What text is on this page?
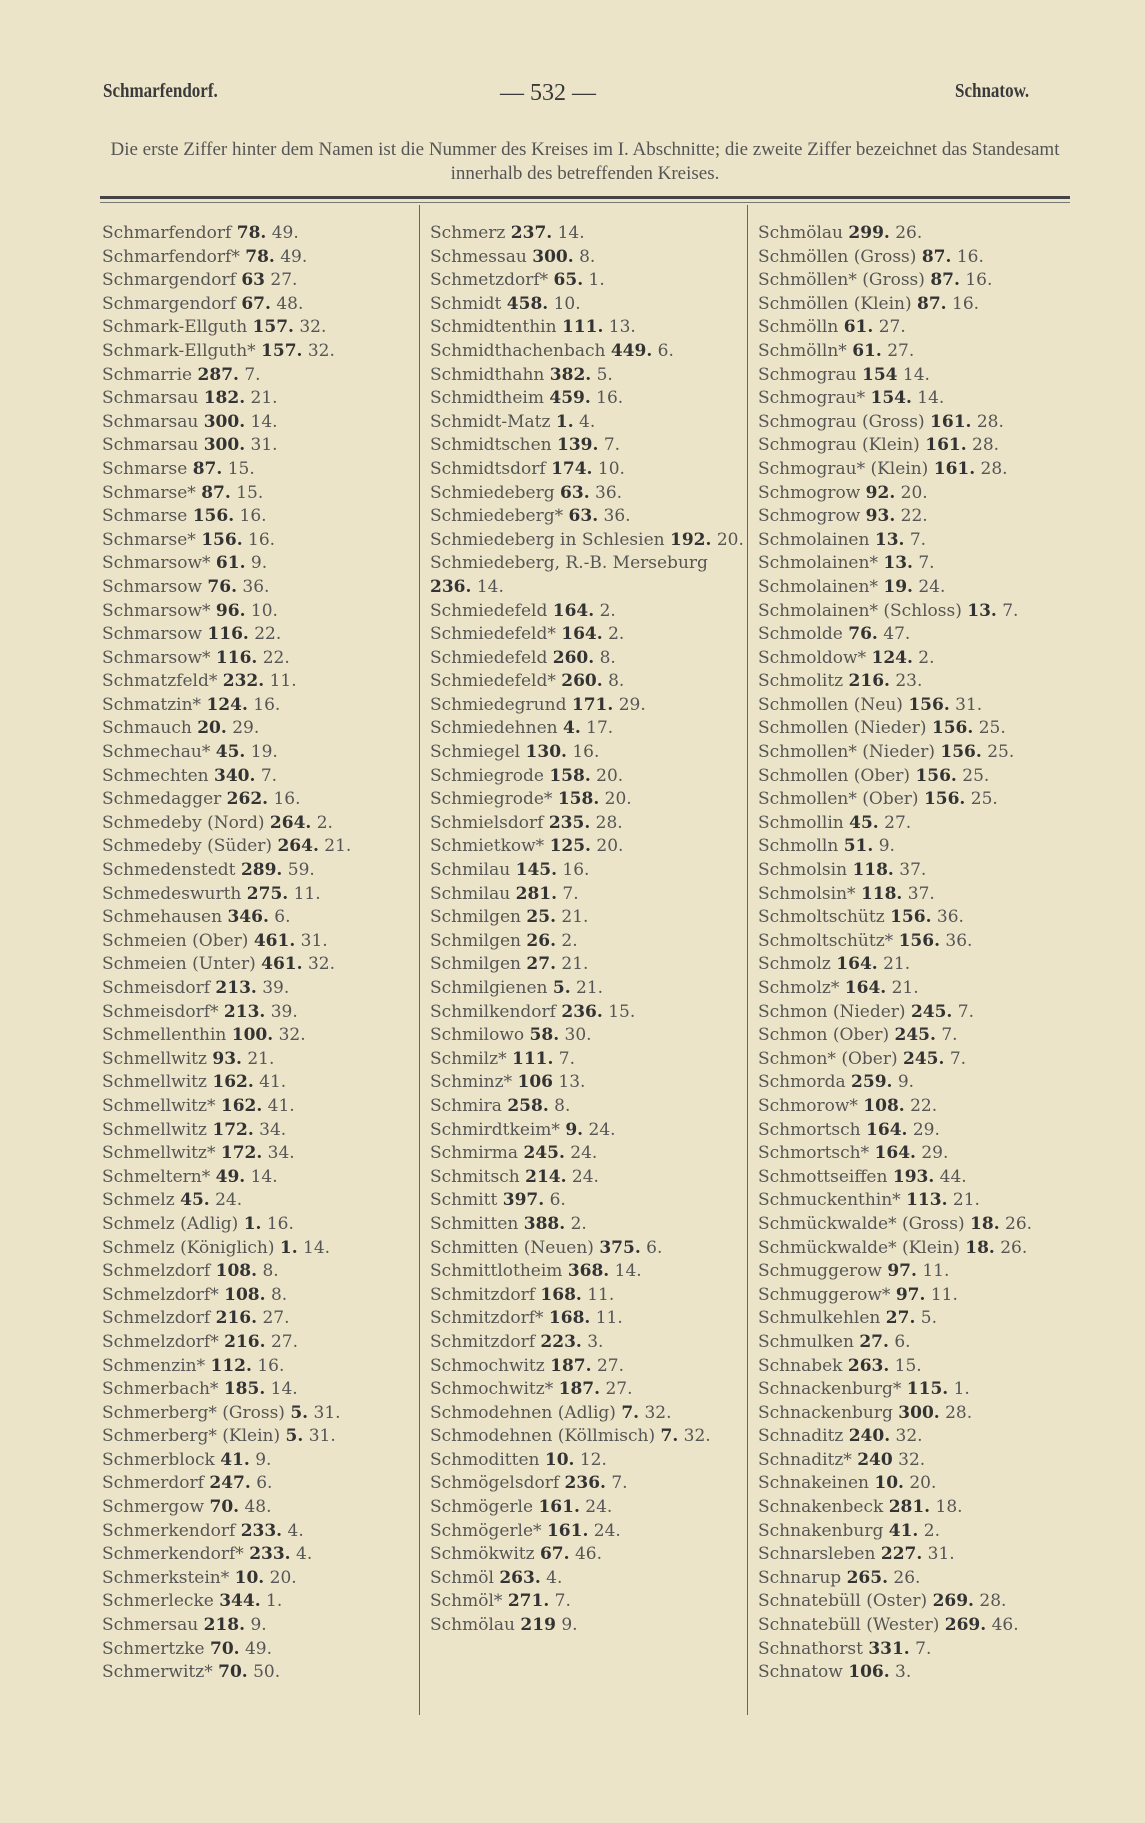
Schmarfendorf.	— 532 —	Schnatow.
Die erste Ziffer hinter dem Namen ist die Nummer des Kreises im I. Abschnitte; die zweite Ziffer bezeichnet das Standesamt innerhalb des betreffenden Kreises.
Schmarfendorf 78. 49.
Schmarfendorf* 78. 49.
Schmargendorf 63 27.
Schmargendorf 67. 48.
Schmark-Ellguth 157. 32.
Schmark-Ellguth* 157. 32.
Schmarrie 287. 7.
Schmarsau 182. 21.
Schmarsau 300. 14.
Schmarsau 300. 31.
Schmarse 87. 15.
Schmarse* 87. 15.
Schmarse 156. 16.
Schmarse* 156. 16.
Schmarsow* 61. 9.
Schmarsow 76. 36.
Schmarsow* 96. 10.
Schmarsow 116. 22.
Schmarsow* 116. 22.
Schmatzfeld* 232. 11.
Schmatzin* 124. 16.
Schmauch 20. 29.
Schmechau* 45. 19.
Schmechten 340. 7.
Schmedagger 262. 16.
Schmedeby (Nord) 264. 2.
Schmedeby (Süder) 264. 21.
Schmedenstedt 289. 59.
Schmedeswurth 275. 11.
Schmehausen 346. 6.
Schmeien (Ober) 461. 31.
Schmeien (Unter) 461. 32.
Schmeisdorf 213. 39.
Schmeisdorf* 213. 39.
Schmellenthin 100. 32.
Schmellwitz 93. 21.
Schmellwitz 162. 41.
Schmellwitz* 162. 41.
Schmellwitz 172. 34.
Schmellwitz* 172. 34.
Schmeltern* 49. 14.
Schmelz 45. 24.
Schmelz (Adlig) 1. 16.
Schmelz (Königlich) 1. 14.
Schmelzdorf 108. 8.
Schmelzdorf* 108. 8.
Schmelzdorf 216. 27.
Schmelzdorf* 216. 27.
Schmenzin* 112. 16.
Schmerbach* 185. 14.
Schmerberg* (Gross) 5. 31.
Schmerberg* (Klein) 5. 31.
Schmerblock 41. 9.
Schmerdorf 247. 6.
Schmergow 70. 48.
Schmerkendorf 233. 4.
Schmerkendorf* 233. 4.
Schmerkstein* 10. 20.
Schmerlecke 344. 1.
Schmersau 218. 9.
Schmertzke 70. 49.
Schmerwitz* 70. 50.
Schmerz 237. 14.
Schmessau 300. 8.
Schmetzdorf* 65. 1.
Schmidt 458. 10.
Schmidtenthin 111. 13.
Schmidthachenbach 449. 6.
Schmidthahn 382. 5.
Schmidtheim 459. 16.
Schmidt-Matz 1. 4.
Schmidtschen 139. 7.
Schmidtsdorf 174. 10.
Schmiedeberg 63. 36.
Schmiedeberg* 63. 36.
Schmiedeberg in Schlesien 192. 20.
Schmiedeberg, R.-B. Merseburg 236. 14.
Schmiedefeld 164. 2.
Schmiedefeld* 164. 2.
Schmiedefeld 260. 8.
Schmiedefeld* 260. 8.
Schmiedegrund 171. 29.
Schmiedehnen 4. 17.
Schmiegel 130. 16.
Schmiegrode 158. 20.
Schmiegrode* 158. 20.
Schmielsdorf 235. 28.
Schmietkow* 125. 20.
Schmilau 145. 16.
Schmilau 281. 7.
Schmilgen 25. 21.
Schmilgen 26. 2.
Schmilgen 27. 21.
Schmilgienen 5. 21.
Schmilkendorf 236. 15.
Schmilowo 58. 30.
Schmilz* 111. 7.
Schminz* 106 13.
Schmira 258. 8.
Schmirdtkeim* 9. 24.
Schmirma 245. 24.
Schmitsch 214. 24.
Schmitt 397. 6.
Schmitten 388. 2.
Schmitten (Neuen) 375. 6.
Schmittlotheim 368. 14.
Schmitzdorf 168. 11.
Schmitzdorf* 168. 11.
Schmitzdorf 223. 3.
Schmochwitz 187. 27.
Schmochwitz* 187. 27.
Schmodehnen (Adlig) 7. 32.
Schmodehnen (Köllmisch) 7. 32.
Schmoditten 10. 12.
Schmögelsdorf 236. 7.
Schmögerle 161. 24.
Schmögerle* 161. 24.
Schmökwitz 67. 46.
Schmöl 263. 4.
Schmöl* 271. 7.
Schmölau 219 9.
Schmölau 299. 26.
Schmöllen (Gross) 87. 16.
Schmöllen* (Gross) 87. 16.
Schmöllen (Klein) 87. 16.
Schmölln 61. 27.
Schmölln* 61. 27.
Schmograu 154 14.
Schmograu* 154. 14.
Schmograu (Gross) 161. 28.
Schmograu (Klein) 161. 28.
Schmograu* (Klein) 161. 28.
Schmogrow 92. 20.
Schmogrow 93. 22.
Schmolainen 13. 7.
Schmolainen* 13. 7.
Schmolainen* 19. 24.
Schmolainen* (Schloss) 13. 7.
Schmolde 76. 47.
Schmoldow* 124. 2.
Schmolitz 216. 23.
Schmollen (Neu) 156. 31.
Schmollen (Nieder) 156. 25.
Schmollen* (Nieder) 156. 25.
Schmollen (Ober) 156. 25.
Schmollen* (Ober) 156. 25.
Schmollin 45. 27.
Schmolln 51. 9.
Schmolsin 118. 37.
Schmolsin* 118. 37.
Schmoltschütz 156. 36.
Schmoltschütz* 156. 36.
Schmolz 164. 21.
Schmolz* 164. 21.
Schmon (Nieder) 245. 7.
Schmon (Ober) 245. 7.
Schmon* (Ober) 245. 7.
Schmorda 259. 9.
Schmorow* 108. 22.
Schmortsch 164. 29.
Schmortsch* 164. 29.
Schmottseiffen 193. 44.
Schmuckenthin* 113. 21.
Schmückwalde* (Gross) 18. 26.
Schmückwalde* (Klein) 18. 26.
Schmuggerow 97. 11.
Schmuggerow* 97. 11.
Schmulkehlen 27. 5.
Schmulken 27. 6.
Schnabek 263. 15.
Schnackenburg* 115. 1.
Schnackenburg 300. 28.
Schnaditz 240. 32.
Schnaditz* 240 32.
Schnakeinen 10. 20.
Schnakenbeck 281. 18.
Schnakenburg 41. 2.
Schnarsleben 227. 31.
Schnarup 265. 26.
Schnatebüll (Oster) 269. 28.
Schnatebüll (Wester) 269. 46.
Schnathorst 331. 7.
Schnatow 106. 3.
